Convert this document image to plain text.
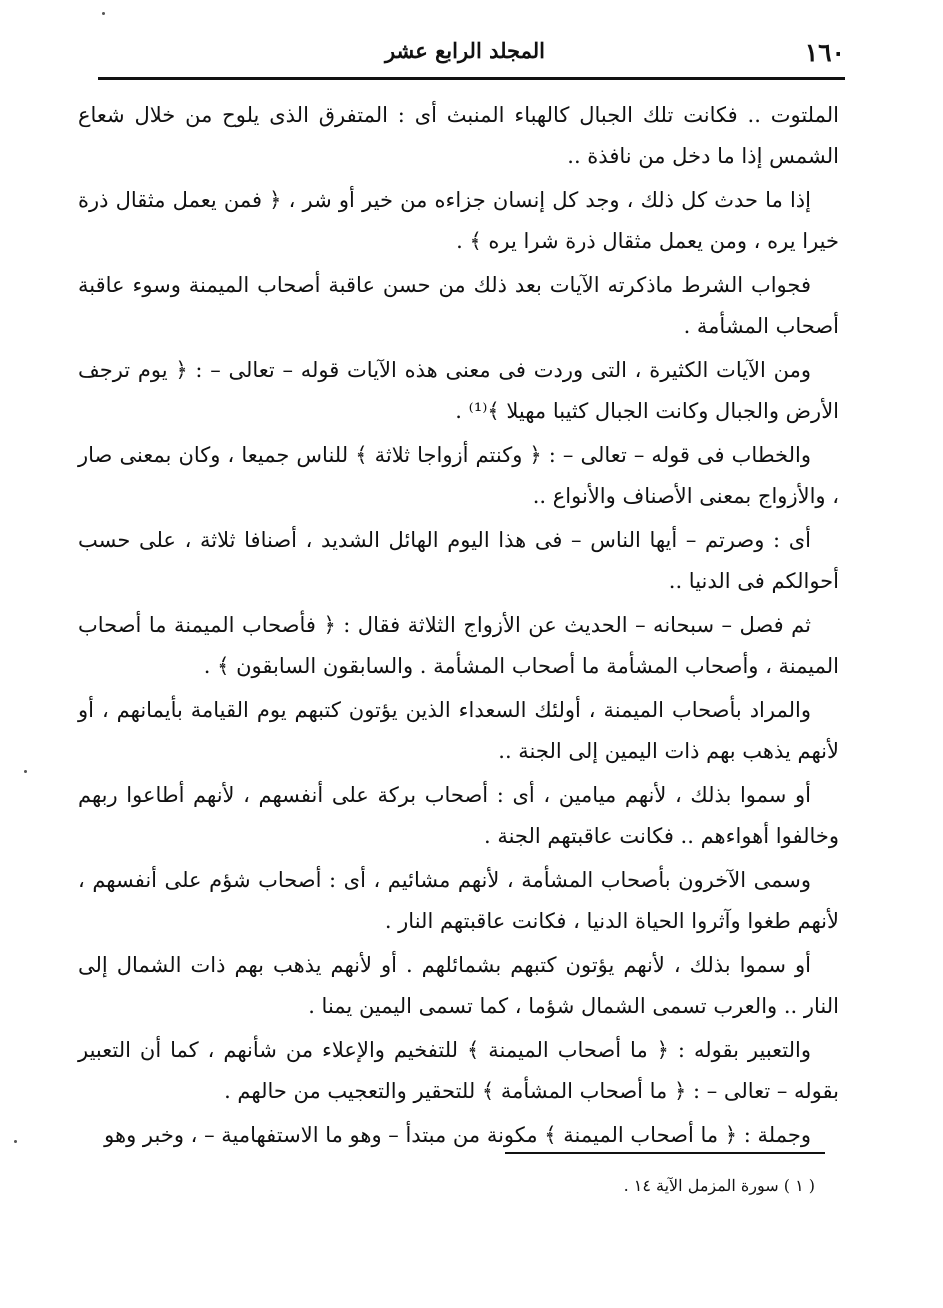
١٦٠
المجلد الرابع عشر

الملتوت .. فكانت تلك الجبال كالهباء المنبث أى : المتفرق الذى يلوح من خلال شعاع الشمس إذا ما دخل من نافذة ..

إذا ما حدث كل ذلك ، وجد كل إنسان جزاءه من خير أو شر ، ﴿ فمن يعمل مثقال ذرة خيرا يره ، ومن يعمل مثقال ذرة شرا يره ﴾ .

فجواب الشرط ماذكرته الآيات بعد ذلك من حسن عاقبة أصحاب الميمنة وسوء عاقبة أصحاب المشأمة .

ومن الآيات الكثيرة ، التى وردت فى معنى هذه الآيات قوله – تعالى – : ﴿ يوم ترجف الأرض والجبال وكانت الجبال كثيبا مهيلا ﴾⁽¹⁾ .

والخطاب فى قوله – تعالى – : ﴿ وكنتم أزواجا ثلاثة ﴾ للناس جميعا ، وكان بمعنى صار ، والأزواج بمعنى الأصناف والأنواع ..

أى : وصرتم – أيها الناس – فى هذا اليوم الهائل الشديد ، أصنافا ثلاثة ، على حسب أحوالكم فى الدنيا ..

ثم فصل – سبحانه – الحديث عن الأزواج الثلاثة فقال : ﴿ فأصحاب الميمنة ما أصحاب الميمنة ، وأصحاب المشأمة ما أصحاب المشأمة . والسابقون السابقون ﴾ .

والمراد بأصحاب الميمنة ، أولئك السعداء الذين يؤتون كتبهم يوم القيامة بأيمانهم ، أو لأنهم يذهب بهم ذات اليمين إلى الجنة ..

أو سموا بذلك ، لأنهم ميامين ، أى : أصحاب بركة على أنفسهم ، لأنهم أطاعوا ربهم وخالفوا أهواءهم .. فكانت عاقبتهم الجنة .

وسمى الآخرون بأصحاب المشأمة ، لأنهم مشائيم ، أى : أصحاب شؤم على أنفسهم ، لأنهم طغوا وآثروا الحياة الدنيا ، فكانت عاقبتهم النار .

أو سموا بذلك ، لأنهم يؤتون كتبهم بشمائلهم . أو لأنهم يذهب بهم ذات الشمال إلى النار .. والعرب تسمى الشمال شؤما ، كما تسمى اليمين يمنا .

والتعبير بقوله : ﴿ ما أصحاب الميمنة ﴾ للتفخيم والإعلاء من شأنهم ، كما أن التعبير بقوله – تعالى – : ﴿ ما أصحاب المشأمة ﴾ للتحقير والتعجيب من حالهم .

وجملة : ﴿ ما أصحاب الميمنة ﴾ مكونة من مبتدأ – وهو ما الاستفهامية – ، وخبر وهو

( ١ ) سورة المزمل الآية ١٤ .
